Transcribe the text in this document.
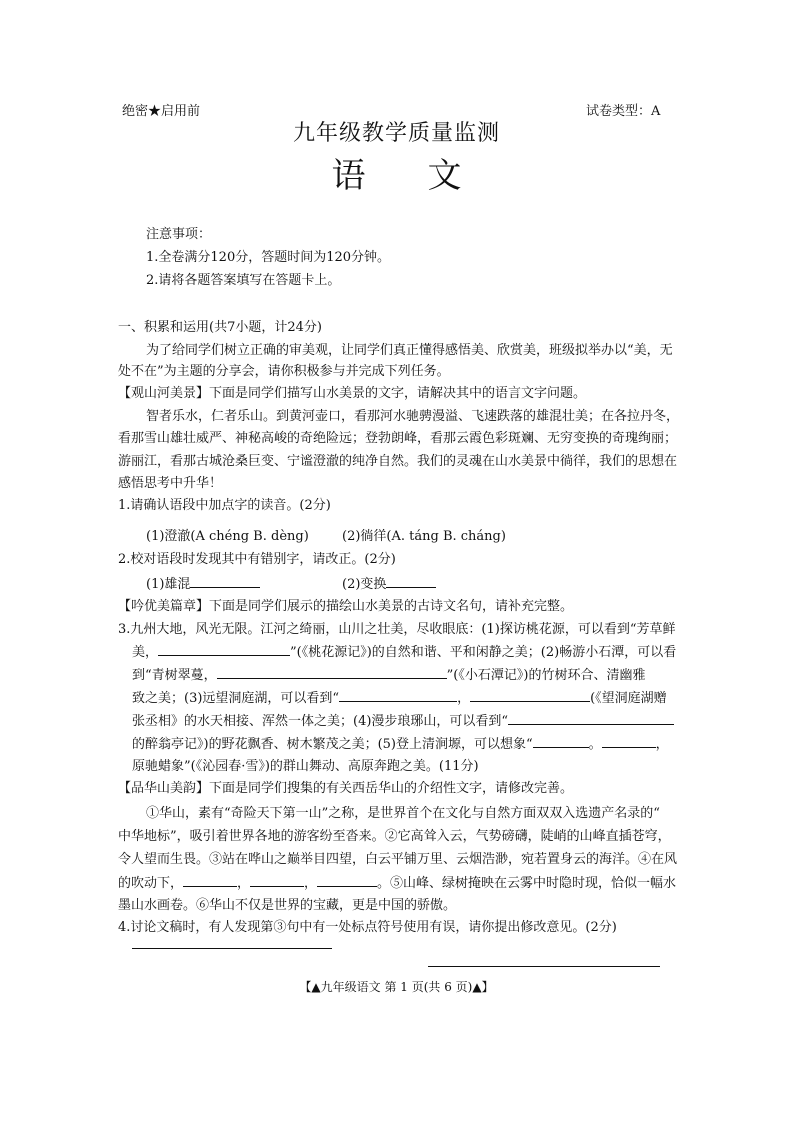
绝密★启用前	试卷类型：A
九年级教学质量监测
语 文
注意事项：
1.全卷满分120分，答题时间为120分钟。
2.请将各题答案填写在答题卡上。
一、积累和运用(共7小题，计24分)
为了给同学们树立正确的审美观，让同学们真正懂得感悟美、欣赏美，班级拟举办以“美，无
处不在”为主题的分享会，请你积极参与并完成下列任务。
【观山河美景】下面是同学们描写山水美景的文字，请解决其中的语言文字问题。
智者乐水，仁者乐山。到黄河壶口，看那河水驰骋漫溢、飞速跌落的雄混壮美；在各拉丹冬，
看那雪山雄壮威严、神秘高峻的奇绝险远；登勃朗峰，看那云霞色彩斑斓、无穷变换的奇瑰绚丽；
游丽江，看那古城沧桑巨变、宁谧澄澈的纯净自然。我们的灵魂在山水美景中徜徉，我们的思想在
感悟思考中升华！
1.请确认语段中加点字的读音。(2分)
(1)澄澈(A chéng B. dèng)	(2)徜徉(A. táng B. cháng)
2.校对语段时发现其中有错别字，请改正。(2分)
(1)雄混	(2)变换
【吟优美篇章】下面是同学们展示的描绘山水美景的古诗文名句，请补充完整。
3.九州大地，风光无限。江河之绮丽，山川之壮美，尽收眼底：(1)探访桃花源，可以看到“芳草鲜
美，	”(《桃花源记》)的自然和谐、平和闲静之美；(2)畅游小石潭，可以看
到“青树翠蔓，	”(《小石潭记》)的竹树环合、清幽雅
致之美；(3)远望洞庭湖，可以看到“	，	(《望洞庭湖赠
张丞相》的水天相接、浑然一体之美；(4)漫步琅琊山，可以看到“
的醉翁亭记》)的野花飘香、树木繁茂之美；(5)登上清涧塬，可以想象“	。	，
原驰蜡象”(《沁园春·雪》)的群山舞动、高原奔跑之美。(11分)
【品华山美韵】下面是同学们搜集的有关西岳华山的介绍性文字，请修改完善。
①华山，素有“奇险天下第一山”之称，是世界首个在文化与自然方面双双入选遗产名录的“
中华地标”，吸引着世界各地的游客纷至沓来。②它高耸入云，气势磅礴，陡峭的山峰直插苍穹，
令人望而生畏。③站在哗山之巅举目四望，白云平铺万里、云烟浩渺，宛若置身云的海洋。④在风
的吹动下，	，	，	。⑤山峰、绿树掩映在云雾中时隐时现，恰似一幅水
墨山水画卷。⑥华山不仅是世界的宝藏，更是中国的骄傲。
4.讨论文稿时，有人发现第③句中有一处标点符号使用有误，请你提出修改意见。(2分)
【▲九年级语文 第 1 页(共 6 页)▲】
